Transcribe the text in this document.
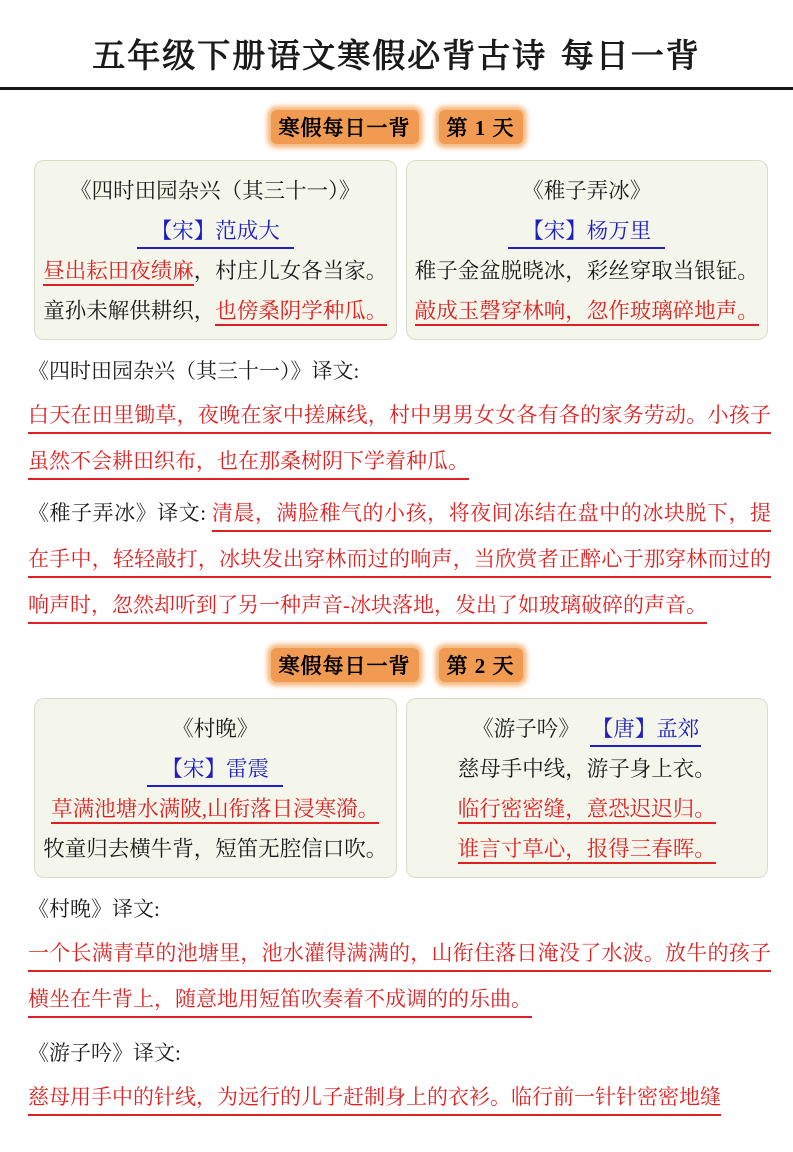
五年级下册语文寒假必背古诗 每日一背
寒假每日一背 第 1 天
《四时田园杂兴（其三十一）》
【宋】范成大
昼出耘田夜绩麻，村庄儿女各当家。
童孙未解供耕织，也傍桑阴学种瓜。
《稚子弄冰》
【宋】杨万里
稚子金盆脱晓冰，彩丝穿取当银钲。
敲成玉磬穿林响，忽作玻璃碎地声。
《四时田园杂兴（其三十一）》译文:

白天在田里锄草，夜晚在家中搓麻线，村中男男女女各有各的家务劳动。小孩子虽然不会耕田织布，也在那桑树阴下学着种瓜。

《稚子弄冰》译文: 清晨，满脸稚气的小孩，将夜间冻结在盘中的冰块脱下，提在手中，轻轻敲打，冰块发出穿林而过的响声，当欣赏者正醉心于那穿林而过的响声时，忽然却听到了另一种声音-冰块落地，发出了如玻璃破碎的声音。

寒假每日一背 第 2 天
《村晚》
【宋】雷震
草满池塘水满陂,山衔落日浸寒漪。
牧童归去横牛背，短笛无腔信口吹。
《游子吟》 【唐】孟郊
慈母手中线，游子身上衣。
临行密密缝，意恐迟迟归。
谁言寸草心，报得三春晖。
《村晚》译文:

一个长满青草的池塘里，池水灌得满满的，山衔住落日淹没了水波。放牛的孩子横坐在牛背上，随意地用短笛吹奏着不成调的的乐曲。

《游子吟》译文:

慈母用手中的针线，为远行的儿子赶制身上的衣衫。临行前一针针密密地缝
